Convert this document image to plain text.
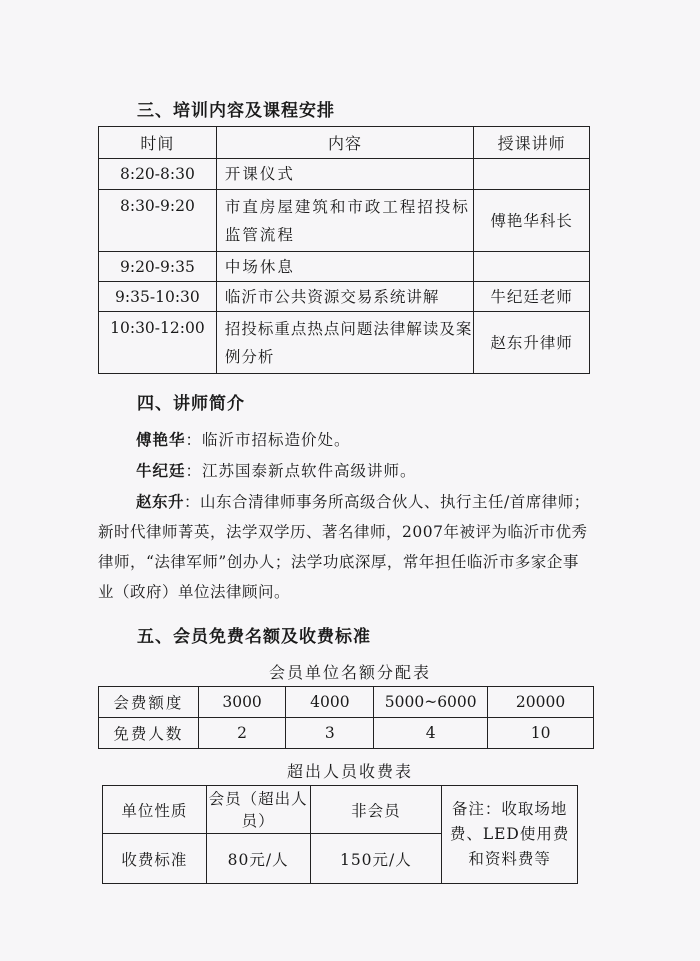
三、培训内容及课程安排
时间	内容	授课讲师
8:20-8:30	开课仪式	
8:30-9:20	市直房屋建筑和市政工程招投标监管流程	傅艳华科长
9:20-9:35	中场休息	
9:35-10:30	临沂市公共资源交易系统讲解	牛纪廷老师
10:30-12:00	招投标重点热点问题法律解读及案例分析	赵东升律师
四、讲师简介
傅艳华：临沂市招标造价处。
牛纪廷：江苏国泰新点软件高级讲师。
赵东升：山东合清律师事务所高级合伙人、执行主任/首席律师；新时代律师菁英，法学双学历、著名律师，2007年被评为临沂市优秀律师，“法律军师”创办人；法学功底深厚，常年担任临沂市多家企事业（政府）单位法律顾问。
五、会员免费名额及收费标准
会员单位名额分配表
会费额度	3000	4000	5000~6000	20000
免费人数	2	3	4	10
超出人员收费表
单位性质	会员（超出人员）	非会员	备注：收取场地费、LED使用费和资料费等
收费标准	80元/人	150元/人	
